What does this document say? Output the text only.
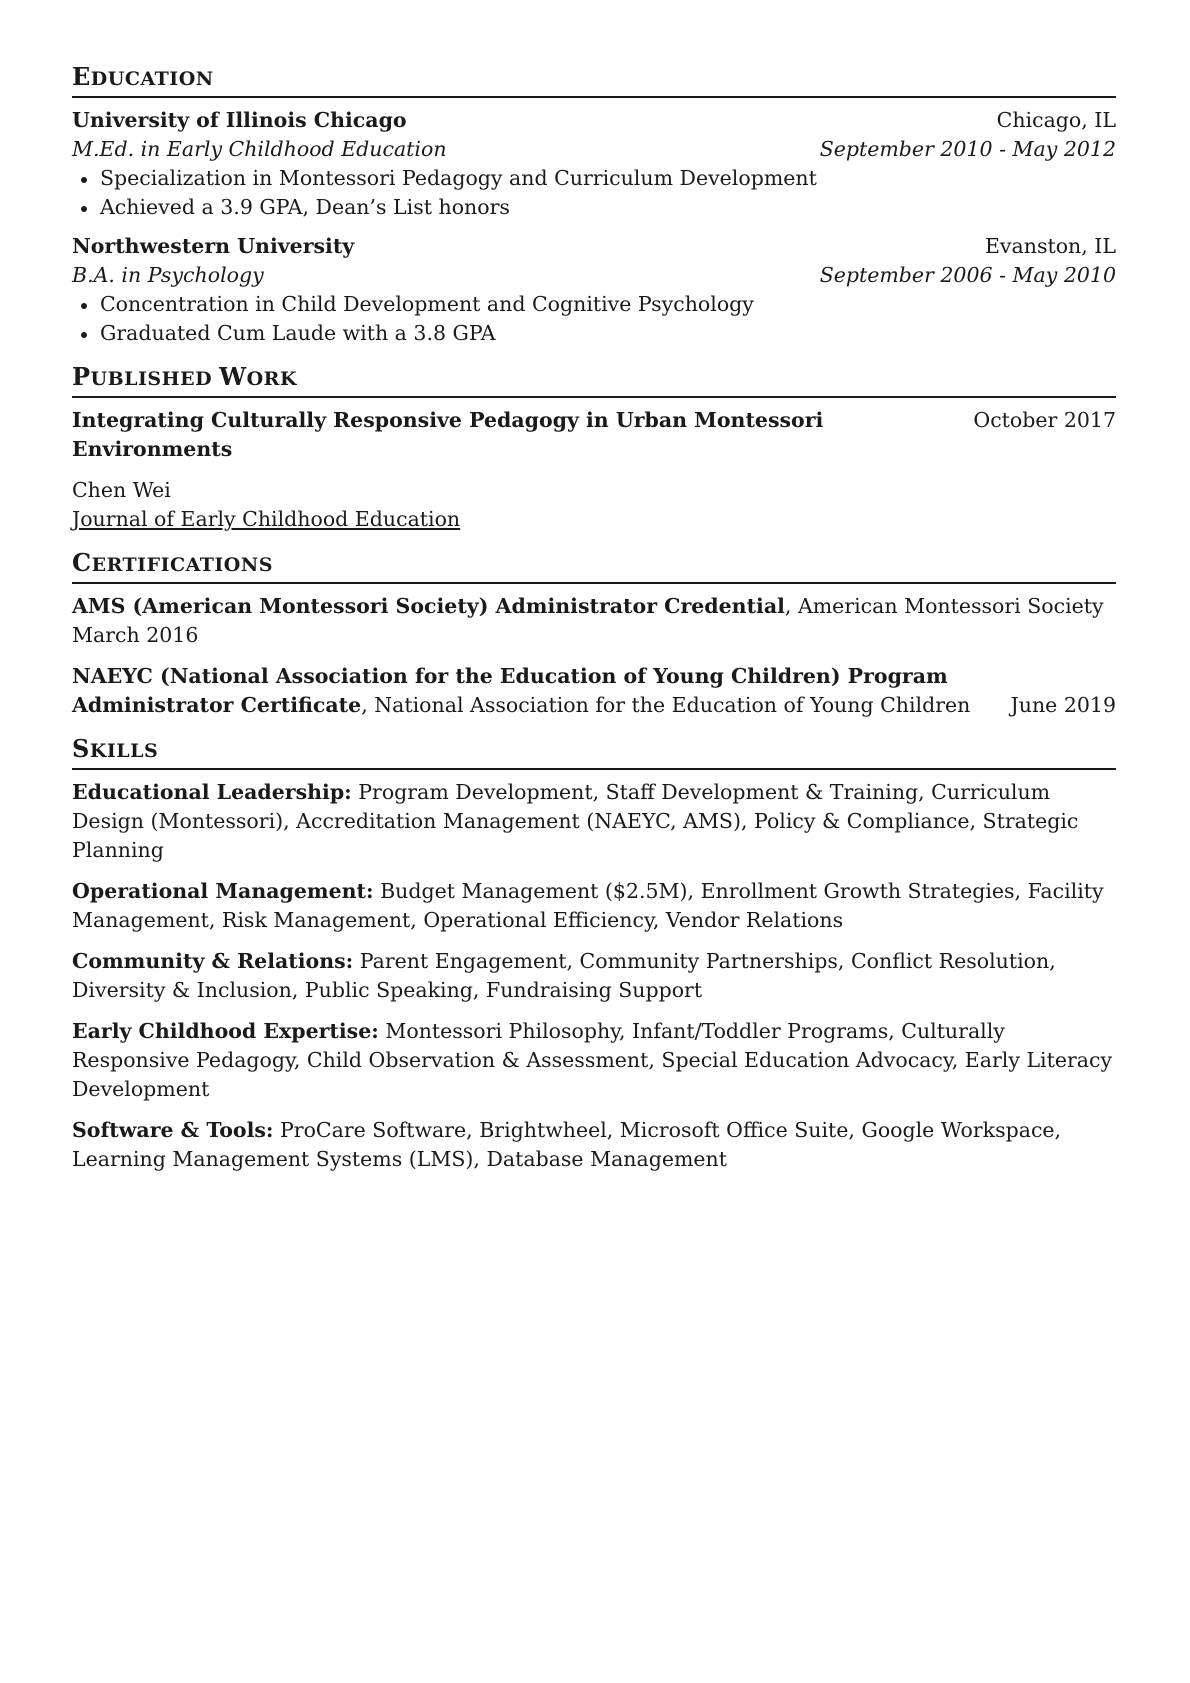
EDUCATION
University of Illinois Chicago	Chicago, IL
M.Ed. in Early Childhood Education	September 2010 - May 2012
Specialization in Montessori Pedagogy and Curriculum Development
Achieved a 3.9 GPA, Dean’s List honors
Northwestern University	Evanston, IL
B.A. in Psychology	September 2006 - May 2010
Concentration in Child Development and Cognitive Psychology
Graduated Cum Laude with a 3.8 GPA
PUBLISHED WORK
Integrating Culturally Responsive Pedagogy in Urban Montessori Environments
October 2017
Chen Wei
Journal of Early Childhood Education
CERTIFICATIONS
AMS (American Montessori Society) Administrator Credential, American Montessori Society
March 2016
NAEYC (National Association for the Education of Young Children) Program Administrator Certificate, National Association for the Education of Young Children June 2019
SKILLS
Educational Leadership: Program Development, Staff Development & Training, Curriculum Design (Montessori), Accreditation Management (NAEYC, AMS), Policy & Compliance, Strategic Planning
Operational Management: Budget Management ($2.5M), Enrollment Growth Strategies, Facility Management, Risk Management, Operational Efficiency, Vendor Relations
Community & Relations: Parent Engagement, Community Partnerships, Conflict Resolution, Diversity & Inclusion, Public Speaking, Fundraising Support
Early Childhood Expertise: Montessori Philosophy, Infant/Toddler Programs, Culturally Responsive Pedagogy, Child Observation & Assessment, Special Education Advocacy, Early Literacy Development
Software & Tools: ProCare Software, Brightwheel, Microsoft Office Suite, Google Workspace, Learning Management Systems (LMS), Database Management
